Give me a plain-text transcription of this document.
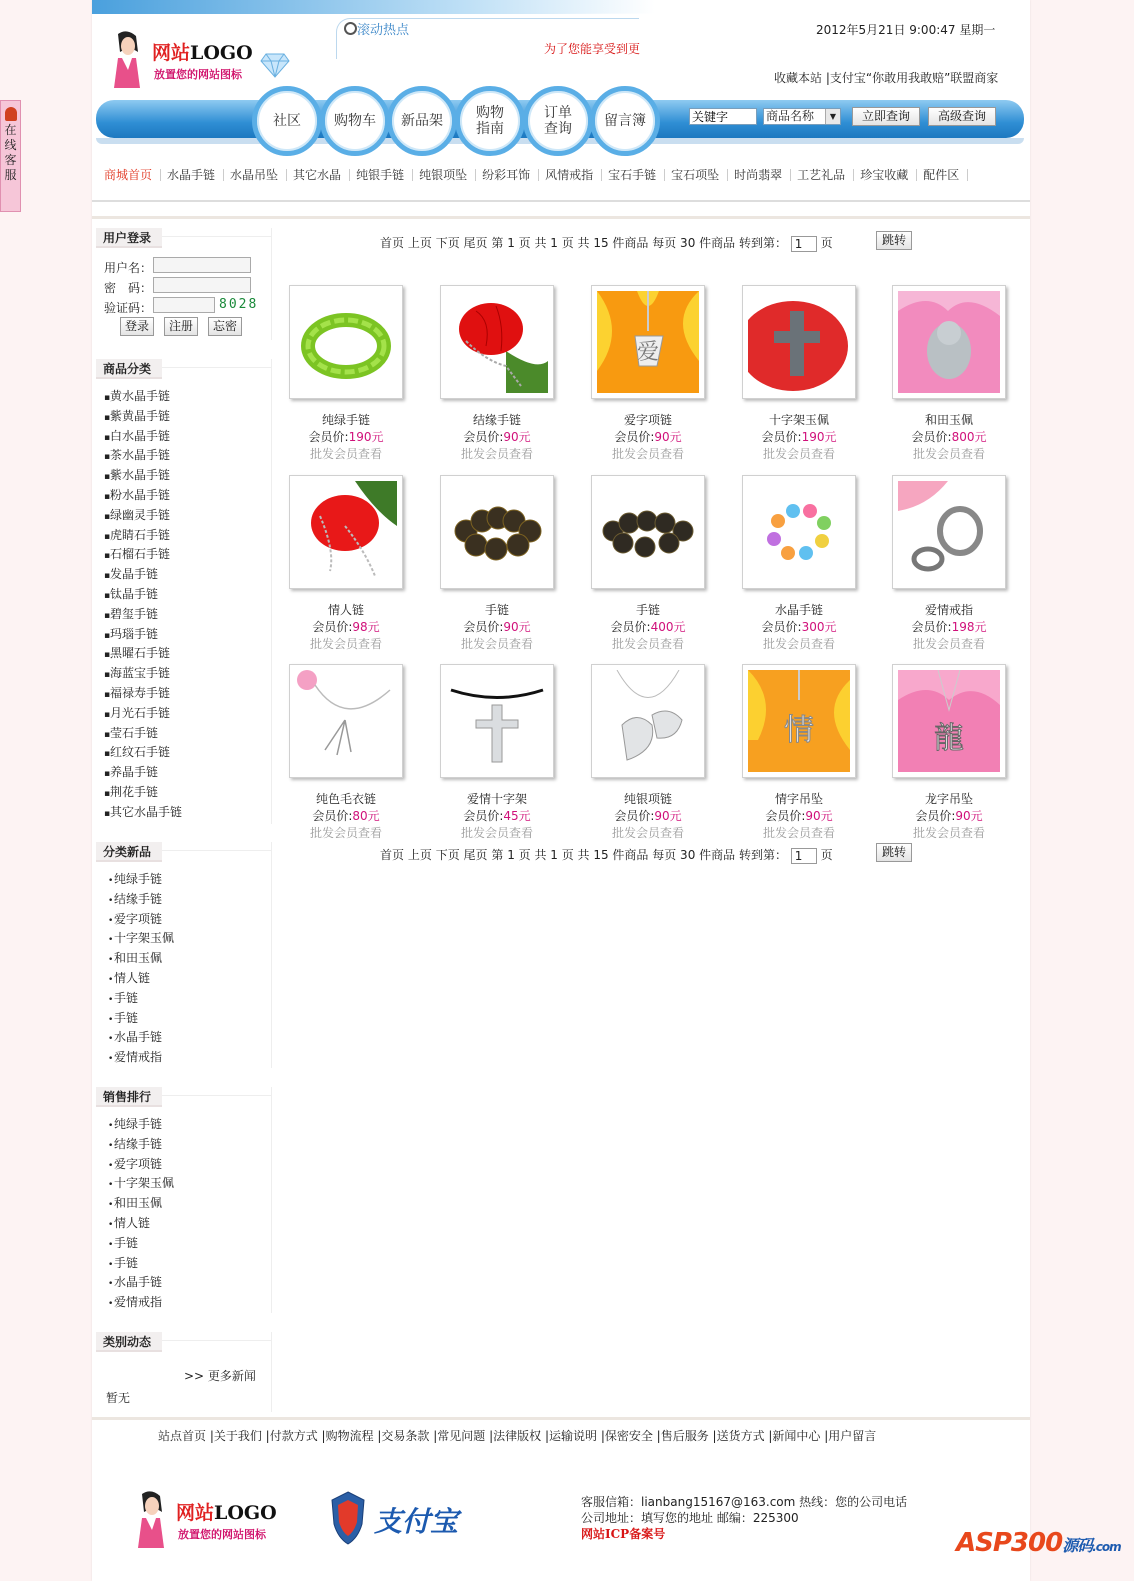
在线客服
网站LOGO
放置您的网站图标
滚动热点
为了您能享受到更
2012年5月21日 9:00:47 星期一
收藏本站 |支付宝“你敢用我敢赔”联盟商家
社区 购物车 新品架 购物
指南
订单
查询 留言簿
关键字	商品名称	▼	立即查询	高级查询
商城首页 水晶手链 水晶吊坠 其它水晶 纯银手链 纯银项坠 纷彩耳饰 风情戒指 宝石手链 宝石项坠 时尚翡翠 工艺礼品 珍宝收藏 配件区
用户登录
用户名：
密　码：
验证码：	8028
登录	注册	忘密
商品分类
▪黄水晶手链
▪紫黄晶手链
▪白水晶手链
▪茶水晶手链
▪紫水晶手链
▪粉水晶手链
▪绿幽灵手链
▪虎睛石手链
▪石榴石手链
▪发晶手链
▪钛晶手链
▪碧玺手链
▪玛瑙手链
▪黑曜石手链
▪海蓝宝手链
▪福禄寿手链
▪月光石手链
▪莹石手链
▪红纹石手链
▪养晶手链
▪荆花手链
▪其它水晶手链
分类新品
•纯绿手链
•结缘手链
•爱字项链
•十字架玉佩
•和田玉佩
•情人链
•手链
•手链
•水晶手链
•爱情戒指
销售排行
•纯绿手链
•结缘手链
•爱字项链
•十字架玉佩
•和田玉佩
•情人链
•手链
•手链
•水晶手链
•爱情戒指
类别动态
>> 更多新闻
暂无
首页 上页 下页 尾页 第 1 页 共 1 页 共 15 件商品 每页 30 件商品 转到第： 1 页	跳转
纯绿手链
会员价:190元
批发会员查看
结缘手链
会员价:90元
批发会员查看
爱
爱字项链
会员价:90元
批发会员查看
十字架玉佩
会员价:190元
批发会员查看
和田玉佩
会员价:800元
批发会员查看
情人链
会员价:98元
批发会员查看
手链
会员价:90元
批发会员查看
手链
会员价:400元
批发会员查看
水晶手链
会员价:300元
批发会员查看
爱情戒指
会员价:198元
批发会员查看
纯色毛衣链
会员价:80元
批发会员查看
爱情十字架
会员价:45元
批发会员查看
纯银项链
会员价:90元
批发会员查看
情
情字吊坠
会员价:90元
批发会员查看
龍
龙字吊坠
会员价:90元
批发会员查看
首页 上页 下页 尾页 第 1 页 共 1 页 共 15 件商品 每页 30 件商品 转到第： 1 页	跳转
站点首页 |关于我们 |付款方式 |购物流程 |交易条款 |常见问题 |法律版权 |运输说明 |保密安全 |售后服务 |送货方式 |新闻中心 |用户留言
网站LOGO
放置您的网站图标	支付宝
客服信箱：lianbang15167@163.com 热线：您的公司电话
公司地址：填写您的地址 邮编：225300
网站ICP备案号	ASP300源码.com
